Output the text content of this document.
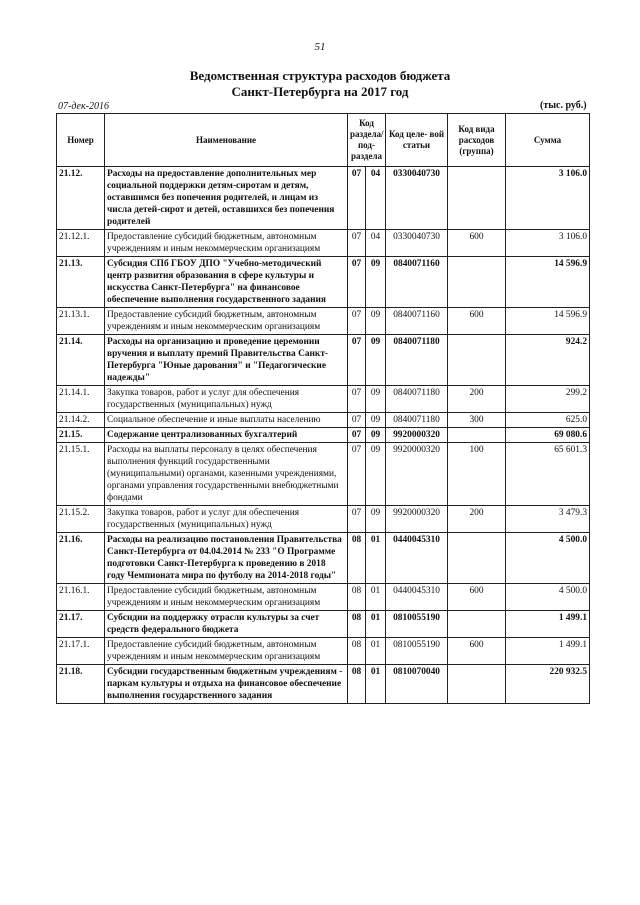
51
Ведомственная структура расходов бюджета
Санкт-Петербурга на 2017 год
07-дек-2016	(тыс. руб.)
Номер	Наименование	Код раздела/ под- раздела		Код целе- вой статьи	Код вида расходов (группа)	Сумма
21.12.	Расходы на предоставление дополнительных мер социальной поддержки детям-сиротам и детям, оставшимся без попечения родителей, и лицам из числа детей-сирот и детей, оставшихся без попечения родителей	07	04	0330040730		3 106.0
21.12.1.	Предоставление субсидий бюджетным, автономным учреждениям и иным некоммерческим организациям	07	04	0330040730	600	3 106.0
21.13.	Субсидия СПб ГБОУ ДПО "Учебно-методический центр развития образования в сфере культуры и искусства Санкт-Петербурга" на финансовое обеспечение выполнения государственного задания	07	09	0840071160		14 596.9
21.13.1.	Предоставление субсидий бюджетным, автономным учреждениям и иным некоммерческим организациям	07	09	0840071160	600	14 596.9
21.14.	Расходы на организацию и проведение церемонии вручения и выплату премий Правительства Санкт-Петербурга "Юные дарования" и "Педагогические надежды"	07	09	0840071180		924.2
21.14.1.	Закупка товаров, работ и услуг для обеспечения государственных (муниципальных) нужд	07	09	0840071180	200	299.2
21.14.2.	Социальное обеспечение и иные выплаты населению	07	09	0840071180	300	625.0
21.15.	Содержание централизованных бухгалтерий	07	09	9920000320		69 080.6
21.15.1.	Расходы на выплаты персоналу в целях обеспечения выполнения функций государственными (муниципальными) органами, казенными учреждениями, органами управления государственными внебюджетными фондами	07	09	9920000320	100	65 601.3
21.15.2.	Закупка товаров, работ и услуг для обеспечения государственных (муниципальных) нужд	07	09	9920000320	200	3 479.3
21.16.	Расходы на реализацию постановления Правительства Санкт-Петербурга от 04.04.2014 № 233 "О Программе подготовки Санкт-Петербурга к проведению в 2018 году Чемпионата мира по футболу на 2014-2018 годы"	08	01	0440045310		4 500.0
21.16.1.	Предоставление субсидий бюджетным, автономным учреждениям и иным некоммерческим организациям	08	01	0440045310	600	4 500.0
21.17.	Субсидии на поддержку отрасли культуры за счет средств федерального бюджета	08	01	0810055190		1 499.1
21.17.1.	Предоставление субсидий бюджетным, автономным учреждениям и иным некоммерческим организациям	08	01	0810055190	600	1 499.1
21.18.	Субсидии государственным бюджетным учреждениям - паркам культуры и отдыха на финансовое обеспечение выполнения государственного задания	08	01	0810070040		220 932.5
